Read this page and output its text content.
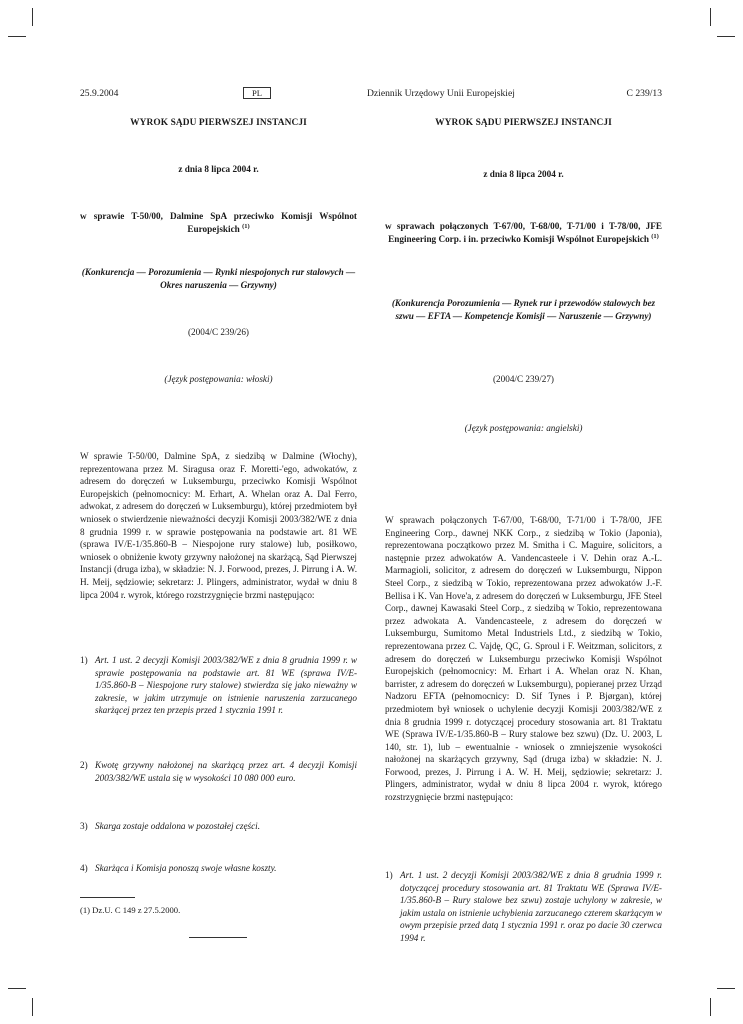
25.9.2004	PL	Dziennik Urzędowy Unii Europejskiej	C 239/13
WYROK SĄDU PIERWSZEJ INSTANCJI
z dnia 8 lipca 2004 r.
w sprawie T-50/00, Dalmine SpA przeciwko Komisji Wspólnot Europejskich $^{(1)}$
(Konkurencja — Porozumienia — Rynki niespojonych rur stalowych — Okres naruszenia — Grzywny)
(2004/C 239/26)
(Język postępowania: włoski)
W sprawie T-50/00, Dalmine SpA, z siedzibą w Dalmine (Włochy), reprezentowana przez M. Siragusa oraz F. Moretti-'ego, adwokatów, z adresem do doręczeń w Luksemburgu, przeciwko Komisji Wspólnot Europejskich (pełnomocnicy: M. Erhart, A. Whelan oraz A. Dal Ferro, adwokat, z adresem do doręczeń w Luksemburgu), której przedmiotem był wniosek o stwierdzenie nieważności decyzji Komisji 2003/382/WE z dnia 8 grudnia 1999 r. w sprawie postępowania na podstawie art. 81 WE (sprawa IV/E-1/35.860-B – Niespojone rury stalowe) lub, posiłkowo, wniosek o obniżenie kwoty grzywny nałożonej na skarżącą, Sąd Pierwszej Instancji (druga izba), w składzie: N. J. Forwood, prezes, J. Pirrung i A. W. H. Meij, sędziowie; sekretarz: J. Plingers, administrator, wydał w dniu 8 lipca 2004 r. wyrok, którego rozstrzygnięcie brzmi następująco:
1) Art. 1 ust. 2 decyzji Komisji 2003/382/WE z dnia 8 grudnia 1999 r. w sprawie postępowania na podstawie art. 81 WE (sprawa IV/E-1/35.860-B – Niespojone rury stalowe) stwierdza się jako nieważny w zakresie, w jakim utrzymuje on istnienie naruszenia zarzucanego skarżącej przez ten przepis przed 1 stycznia 1991 r.
2) Kwotę grzywny nałożonej na skarżącą przez art. 4 decyzji Komisji 2003/382/WE ustala się w wysokości 10 080 000 euro.
3) Skarga zostaje oddalona w pozostałej części.
4) Skarżąca i Komisja ponoszą swoje własne koszty.
(1) Dz.U. C 149 z 27.5.2000.
WYROK SĄDU PIERWSZEJ INSTANCJI
z dnia 8 lipca 2004 r.
w sprawach połączonych T-67/00, T-68/00, T-71/00 i T-78/00, JFE Engineering Corp. i in. przeciwko Komisji Wspólnot Europejskich $^{(1)}$
(Konkurencja Porozumienia — Rynek rur i przewodów stalowych bez szwu — EFTA — Kompetencje Komisji — Naruszenie — Grzywny)
(2004/C 239/27)
(Język postępowania: angielski)
W sprawach połączonych T-67/00, T-68/00, T-71/00 i T-78/00, JFE Engineering Corp., dawnej NKK Corp., z siedzibą w Tokio (Japonia), reprezentowana początkowo przez M. Smitha i C. Maguire, solicitors, a następnie przez adwokatów A. Vandencasteele i V. Dehin oraz A.-L. Marmagioli, solicitor, z adresem do doręczeń w Luksemburgu, Nippon Steel Corp., z siedzibą w Tokio, reprezentowana przez adwokatów J.-F. Bellisa i K. Van Hove'a, z adresem do doręczeń w Luksemburgu, JFE Steel Corp., dawnej Kawasaki Steel Corp., z siedzibą w Tokio, reprezentowana przez adwokata A. Vandencasteele, z adresem do doręczeń w Luksemburgu, Sumitomo Metal Industriels Ltd., z siedzibą w Tokio, reprezentowana przez C. Vajdę, QC, G. Sproul i F. Weitzman, solicitors, z adresem do doręczeń w Luksemburgu przeciwko Komisji Wspólnot Europejskich (pełnomocnicy: M. Erhart i A. Whelan oraz N. Khan, barrister, z adresem do doręczeń w Luksemburgu), popieranej przez Urząd Nadzoru EFTA (pełnomocnicy: D. Sif Tynes i P. Bjørgan), której przedmiotem był wniosek o uchylenie decyzji Komisji 2003/382/WE z dnia 8 grudnia 1999 r. dotyczącej procedury stosowania art. 81 Traktatu WE (Sprawa IV/E-1/35.860-B – Rury stalowe bez szwu) (Dz. U. 2003, L 140, str. 1), lub – ewentualnie - wniosek o zmniejszenie wysokości nałożonej na skarżących grzywny, Sąd (druga izba) w składzie: N. J. Forwood, prezes, J. Pirrung i A. W. H. Meij, sędziowie; sekretarz: J. Plingers, administrator, wydał w dniu 8 lipca 2004 r. wyrok, którego rozstrzygnięcie brzmi następująco:
1) Art. 1 ust. 2 decyzji Komisji 2003/382/WE z dnia 8 grudnia 1999 r. dotyczącej procedury stosowania art. 81 Traktatu WE (Sprawa IV/E-1/35.860-B – Rury stalowe bez szwu) zostaje uchylony w zakresie, w jakim ustala on istnienie uchybienia zarzucanego czterem skarżącym w owym przepisie przed datą 1 stycznia 1991 r. oraz po dacie 30 czerwca 1994 r.
